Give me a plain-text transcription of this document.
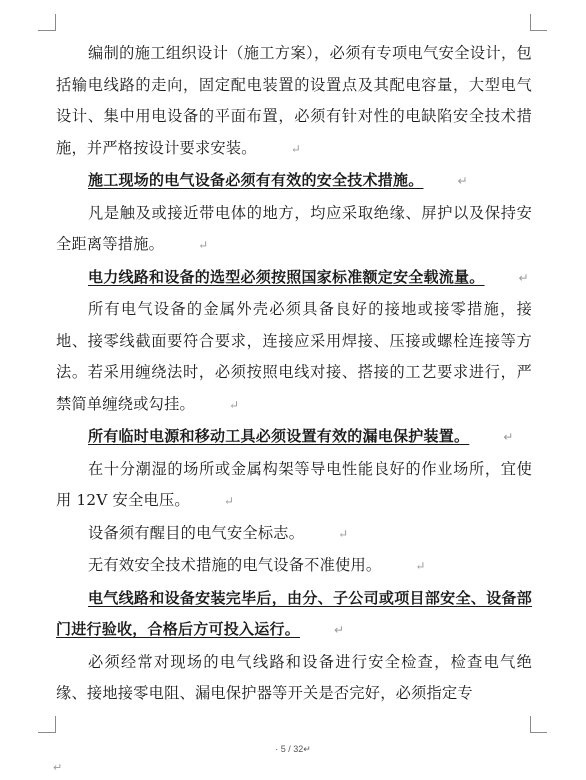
编制的施工组织设计（施工方案），必须有专项电气安全设计，包括输电线路的走向，固定配电装置的设置点及其配电容量，大型电气设计、集中用电设备的平面布置，必须有针对性的电缺陷安全技术措施，并严格按设计要求安装。	↵

施工现场的电气设备必须有有效的安全技术措施。	↵

凡是触及或接近带电体的地方，均应采取绝缘、屏护以及保持安全距离等措施。	↵

电力线路和设备的选型必须按照国家标准额定安全载流量。	↵

所有电气设备的金属外壳必须具备良好的接地或接零措施，接地、接零线截面要符合要求，连接应采用焊接、压接或螺栓连接等方法。若采用缠绕法时，必须按照电线对接、搭接的工艺要求进行，严禁简单缠绕或勾挂。	↵

所有临时电源和移动工具必须设置有效的漏电保护装置。	↵

在十分潮湿的场所或金属构架等导电性能良好的作业场所，宜使用 12V 安全电压。	↵

设备须有醒目的电气安全标志。	↵

无有效安全技术措施的电气设备不准使用。	↵

电气线路和设备安装完毕后，由分、子公司或项目部安全、设备部门进行验收，合格后方可投入运行。	↵

必须经常对现场的电气线路和设备进行安全检查，检查电气绝缘、接地接零电阻、漏电保护器等开关是否完好，必须指定专

· 5 / 32↵
↵
